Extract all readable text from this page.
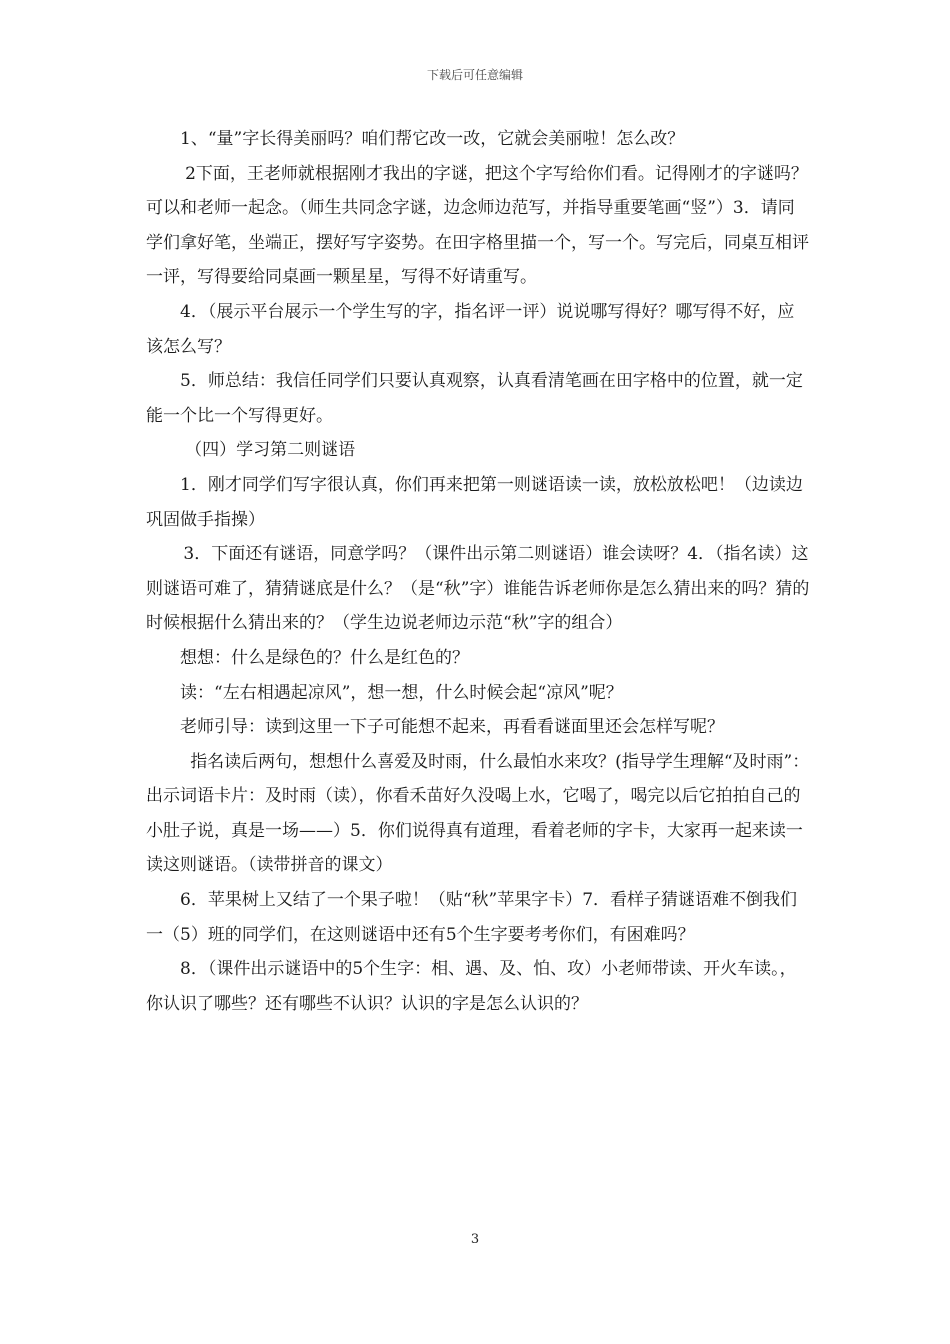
下载后可任意编辑

1、“量”字长得美丽吗？咱们帮它改一改，它就会美丽啦！怎么改？

2下面，王老师就根据刚才我出的字谜，把这个字写给你们看。记得刚才的字谜吗？可以和老师一起念。（师生共同念字谜，边念师边范写，并指导重要笔画“竖”）3．请同学们拿好笔，坐端正，摆好写字姿势。在田字格里描一个，写一个。写完后，同桌互相评一评，写得要给同桌画一颗星星，写得不好请重写。

4．（展示平台展示一个学生写的字，指名评一评）说说哪写得好？哪写得不好，应该怎么写？

5．师总结：我信任同学们只要认真观察，认真看清笔画在田字格中的位置，就一定能一个比一个写得更好。

（四）学习第二则谜语

1．刚才同学们写字很认真，你们再来把第一则谜语读一读，放松放松吧！（边读边巩固做手指操）

3．下面还有谜语，同意学吗？（课件出示第二则谜语）谁会读呀？4．（指名读）这则谜语可难了，猜猜谜底是什么？（是“秋”字）谁能告诉老师你是怎么猜出来的吗？猜的时候根据什么猜出来的？（学生边说老师边示范“秋”字的组合）

想想：什么是绿色的？什么是红色的？

读：“左右相遇起凉风”，想一想，什么时候会起“凉风”呢？

老师引导：读到这里一下子可能想不起来，再看看谜面里还会怎样写呢？

指名读后两句，想想什么喜爱及时雨，什么最怕水来攻？(指导学生理解“及时雨”：出示词语卡片：及时雨（读），你看禾苗好久没喝上水，它喝了，喝完以后它拍拍自己的小肚子说，真是一场——）5．你们说得真有道理，看着老师的字卡，大家再一起来读一读这则谜语。（读带拼音的课文）

6．苹果树上又结了一个果子啦！（贴“秋”苹果字卡）7．看样子猜谜语难不倒我们一（5）班的同学们，在这则谜语中还有5个生字要考考你们，有困难吗？

8．（课件出示谜语中的5个生字：相、遇、及、怕、攻）小老师带读、开火车读。，你认识了哪些？还有哪些不认识？认识的字是怎么认识的？

3
